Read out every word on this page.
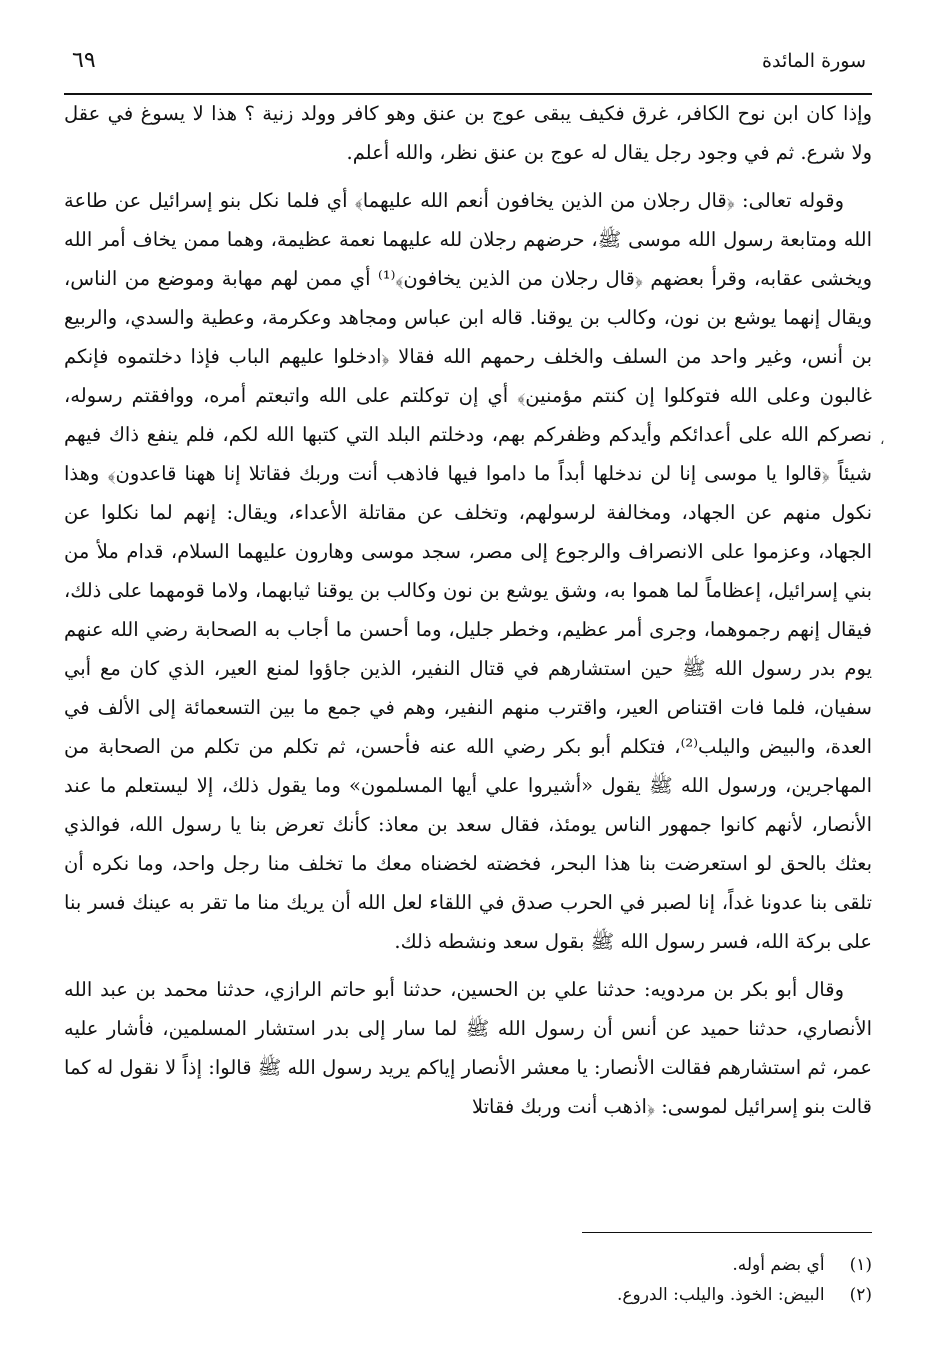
سورة المائدة
٦٩

وإذا كان ابن نوح الكافر، غرق فكيف يبقى عوج بن عنق وهو كافر وولد زنية ؟ هذا لا يسوغ في عقل ولا شرع. ثم في وجود رجل يقال له عوج بن عنق نظر، والله أعلم.

وقوله تعالى: ﴿قال رجلان من الذين يخافون أنعم الله عليهما﴾ أي فلما نكل بنو إسرائيل عن طاعة الله ومتابعة رسول الله موسى ﷺ، حرضهم رجلان لله عليهما نعمة عظيمة، وهما ممن يخاف أمر الله ويخشى عقابه، وقرأ بعضهم ﴿قال رجلان من الذين يخافون﴾⁽¹⁾ أي ممن لهم مهابة وموضع من الناس، ويقال إنهما يوشع بن نون، وكالب بن يوقنا. قاله ابن عباس ومجاهد وعكرمة، وعطية والسدي، والربيع بن أنس، وغير واحد من السلف والخلف رحمهم الله فقالا ﴿ادخلوا عليهم الباب فإذا دخلتموه فإنكم غالبون وعلى الله فتوكلوا إن كنتم مؤمنين﴾ أي إن توكلتم على الله واتبعتم أمره، ووافقتم رسوله، نصركم الله على أعدائكم وأيدكم وظفركم بهم، ودخلتم البلد التي كتبها الله لكم، فلم ينفع ذاك فيهم شيئاً ﴿قالوا يا موسى إنا لن ندخلها أبداً ما داموا فيها فاذهب أنت وربك فقاتلا إنا ههنا قاعدون﴾ وهذا نكول منهم عن الجهاد، ومخالفة لرسولهم، وتخلف عن مقاتلة الأعداء، ويقال: إنهم لما نكلوا عن الجهاد، وعزموا على الانصراف والرجوع إلى مصر، سجد موسى وهارون عليهما السلام، قدام ملأ من بني إسرائيل، إعظاماً لما هموا به، وشق يوشع بن نون وكالب بن يوقنا ثيابهما، ولاما قومهما على ذلك، فيقال إنهم رجموهما، وجرى أمر عظيم، وخطر جليل، وما أحسن ما أجاب به الصحابة رضي الله عنهم يوم بدر رسول الله ﷺ حين استشارهم في قتال النفير، الذين جاؤوا لمنع العير، الذي كان مع أبي سفيان، فلما فات اقتناص العير، واقترب منهم النفير، وهم في جمع ما بين التسعمائة إلى الألف في العدة، والبيض واليلب⁽²⁾، فتكلم أبو بكر رضي الله عنه فأحسن، ثم تكلم من تكلم من الصحابة من المهاجرين، ورسول الله ﷺ يقول «أشيروا علي أيها المسلمون» وما يقول ذلك، إلا ليستعلم ما عند الأنصار، لأنهم كانوا جمهور الناس يومئذ، فقال سعد بن معاذ: كأنك تعرض بنا يا رسول الله، فوالذي بعثك بالحق لو استعرضت بنا هذا البحر، فخضته لخضناه معك ما تخلف منا رجل واحد، وما نكره أن تلقى بنا عدونا غداً، إنا لصبر في الحرب صدق في اللقاء لعل الله أن يريك منا ما تقر به عينك فسر بنا على بركة الله، فسر رسول الله ﷺ بقول سعد ونشطه ذلك.

وقال أبو بكر بن مردويه: حدثنا علي بن الحسين، حدثنا أبو حاتم الرازي، حدثنا محمد بن عبد الله الأنصاري، حدثنا حميد عن أنس أن رسول الله ﷺ لما سار إلى بدر استشار المسلمين، فأشار عليه عمر، ثم استشارهم فقالت الأنصار: يا معشر الأنصار إياكم يريد رسول الله ﷺ قالوا: إذاً لا نقول له كما قالت بنو إسرائيل لموسى: ﴿اذهب أنت وربك فقاتلا

،
(١) أي بضم أوله.
(٢) البيض: الخوذ. واليلب: الدروع.
